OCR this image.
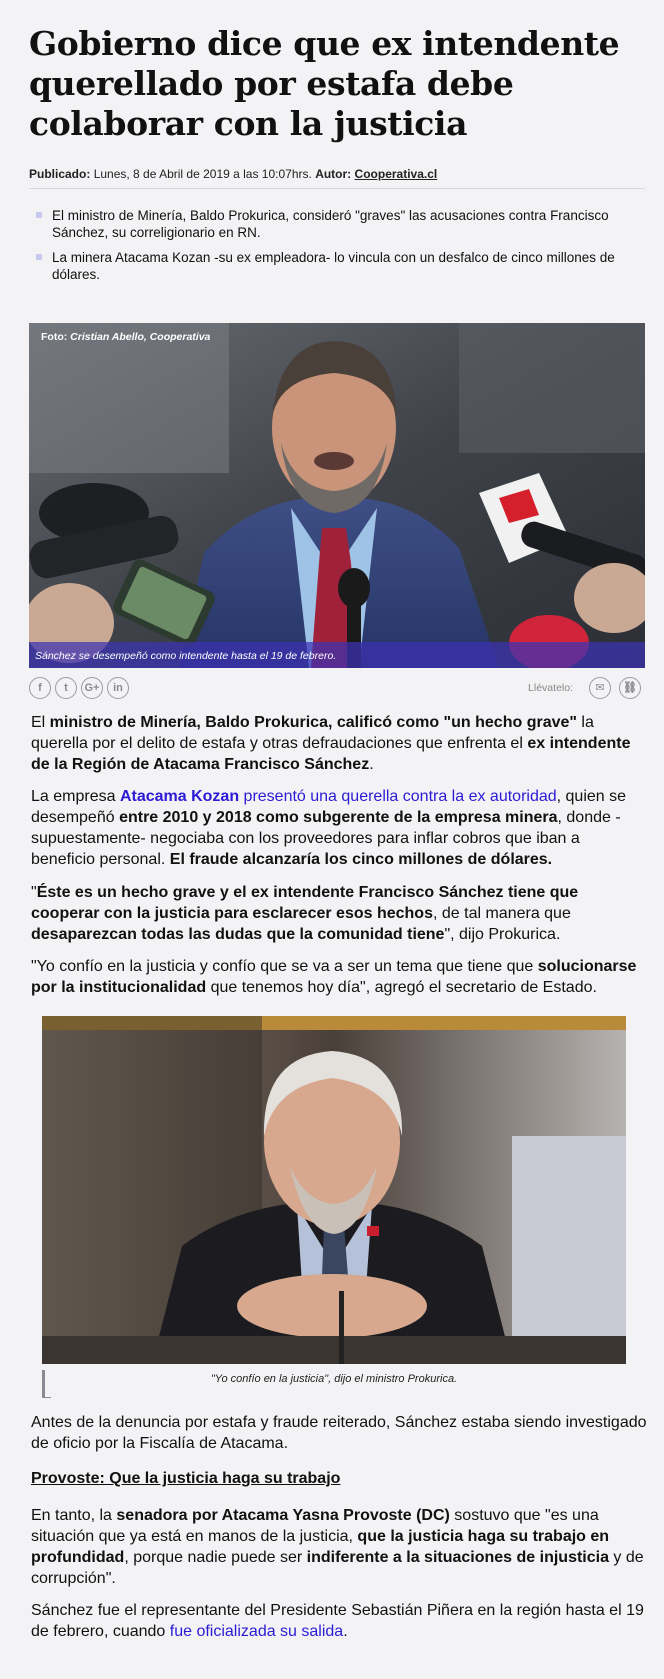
Gobierno dice que ex intendente querellado por estafa debe colaborar con la justicia
Publicado: Lunes, 8 de Abril de 2019 a las 10:07hrs. Autor: Cooperativa.cl
El ministro de Minería, Baldo Prokurica, consideró "graves" las acusaciones contra Francisco Sánchez, su correligionario en RN.
La minera Atacama Kozan -su ex empleadora- lo vincula con un desfalco de cinco millones de dólares.
Foto: Cristian Abello, Cooperativa
Sánchez se desempeñó como intendente hasta el 19 de febrero.
f	t	G+	in	Llévatelo:	✉	⛓

El ministro de Minería, Baldo Prokurica, calificó como "un hecho grave" la querella por el delito de estafa y otras defraudaciones que enfrenta el ex intendente de la Región de Atacama Francisco Sánchez.

La empresa Atacama Kozan presentó una querella contra la ex autoridad, quien se desempeñó entre 2010 y 2018 como subgerente de la empresa minera, donde -supuestamente- negociaba con los proveedores para inflar cobros que iban a beneficio personal. El fraude alcanzaría los cinco millones de dólares.

"Éste es un hecho grave y el ex intendente Francisco Sánchez tiene que cooperar con la justicia para esclarecer esos hechos, de tal manera que desaparezcan todas las dudas que la comunidad tiene", dijo Prokurica.

"Yo confío en la justicia y confío que se va a ser un tema que tiene que solucionarse por la institucionalidad que tenemos hoy día", agregó el secretario de Estado.

"Yo confío en la justicia", dijo el ministro Prokurica.

Antes de la denuncia por estafa y fraude reiterado, Sánchez estaba siendo investigado de oficio por la Fiscalía de Atacama.

Provoste: Que la justicia haga su trabajo

En tanto, la senadora por Atacama Yasna Provoste (DC) sostuvo que "es una situación que ya está en manos de la justicia, que la justicia haga su trabajo en profundidad, porque nadie puede ser indiferente a la situaciones de injusticia y de corrupción".

Sánchez fue el representante del Presidente Sebastián Piñera en la región hasta el 19 de febrero, cuando fue oficializada su salida.
